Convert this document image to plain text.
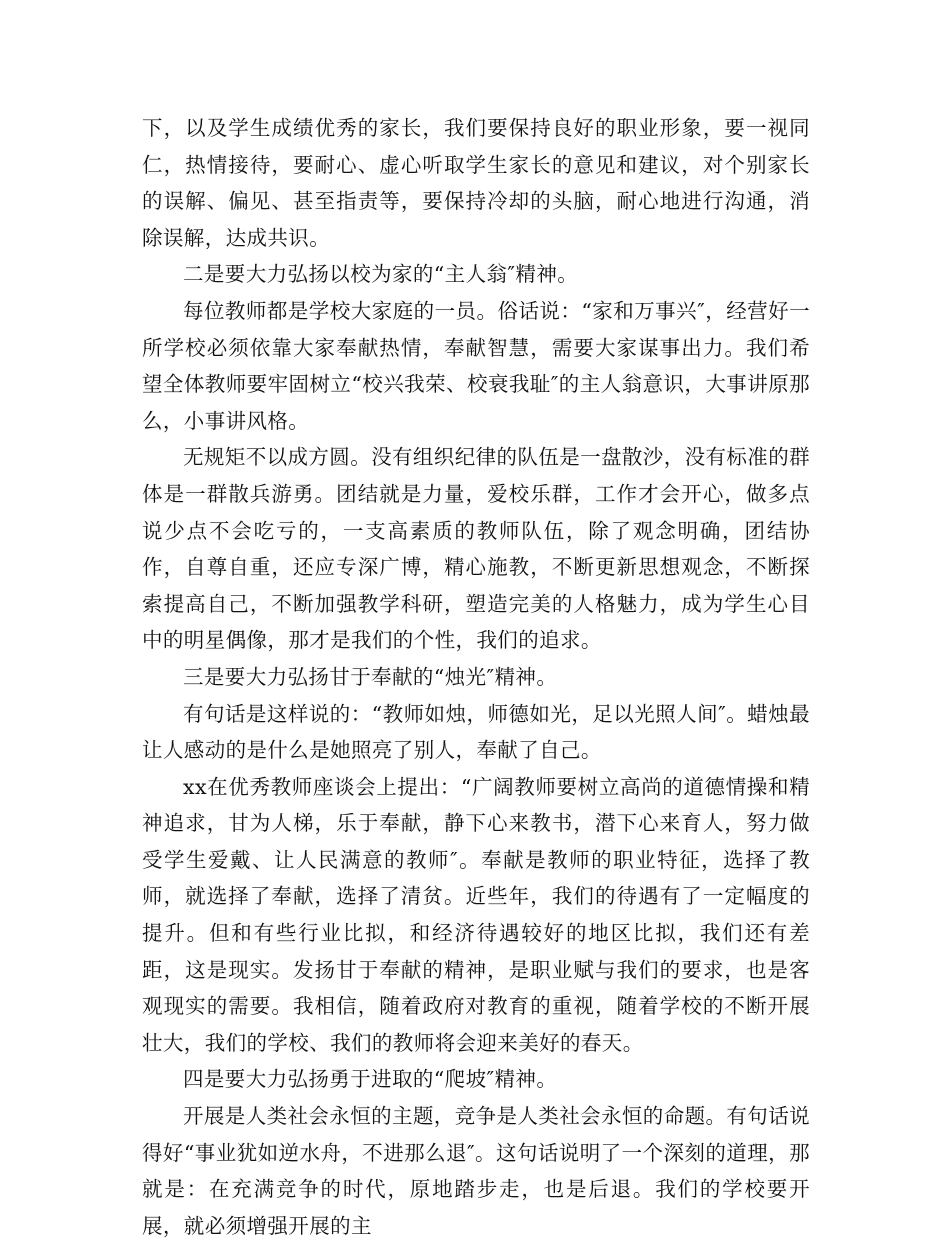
下，以及学生成绩优秀的家长，我们要保持良好的职业形象，要一视同仁，热情接待，要耐心、虚心听取学生家长的意见和建议，对个别家长的误解、偏见、甚至指责等，要保持冷却的头脑，耐心地进行沟通，消除误解，达成共识。

二是要大力弘扬以校为家的“主人翁″精神。

每位教师都是学校大家庭的一员。俗话说：“家和万事兴″，经营好一所学校必须依靠大家奉献热情，奉献智慧，需要大家谋事出力。我们希望全体教师要牢固树立“校兴我荣、校衰我耻″的主人翁意识，大事讲原那么，小事讲风格。

无规矩不以成方圆。没有组织纪律的队伍是一盘散沙，没有标准的群体是一群散兵游勇。团结就是力量，爱校乐群，工作才会开心，做多点说少点不会吃亏的，一支高素质的教师队伍，除了观念明确，团结协作，自尊自重，还应专深广博，精心施教，不断更新思想观念，不断探索提高自己，不断加强教学科研，塑造完美的人格魅力，成为学生心目中的明星偶像，那才是我们的个性，我们的追求。

三是要大力弘扬甘于奉献的“烛光″精神。

有句话是这样说的：“教师如烛，师德如光，足以光照人间″。蜡烛最让人感动的是什么是她照亮了别人，奉献了自己。

xx在优秀教师座谈会上提出：“广阔教师要树立高尚的道德情操和精神追求，甘为人梯，乐于奉献，静下心来教书，潜下心来育人，努力做受学生爱戴、让人民满意的教师″。奉献是教师的职业特征，选择了教师，就选择了奉献，选择了清贫。近些年，我们的待遇有了一定幅度的提升。但和有些行业比拟，和经济待遇较好的地区比拟，我们还有差距，这是现实。发扬甘于奉献的精神，是职业赋与我们的要求，也是客观现实的需要。我相信，随着政府对教育的重视，随着学校的不断开展壮大，我们的学校、我们的教师将会迎来美好的春天。

四是要大力弘扬勇于进取的“爬坡″精神。

开展是人类社会永恒的主题，竞争是人类社会永恒的命题。有句话说得好“事业犹如逆水舟，不进那么退″。这句话说明了一个深刻的道理，那就是：在充满竞争的时代，原地踏步走，也是后退。我们的学校要开展，就必须增强开展的主
